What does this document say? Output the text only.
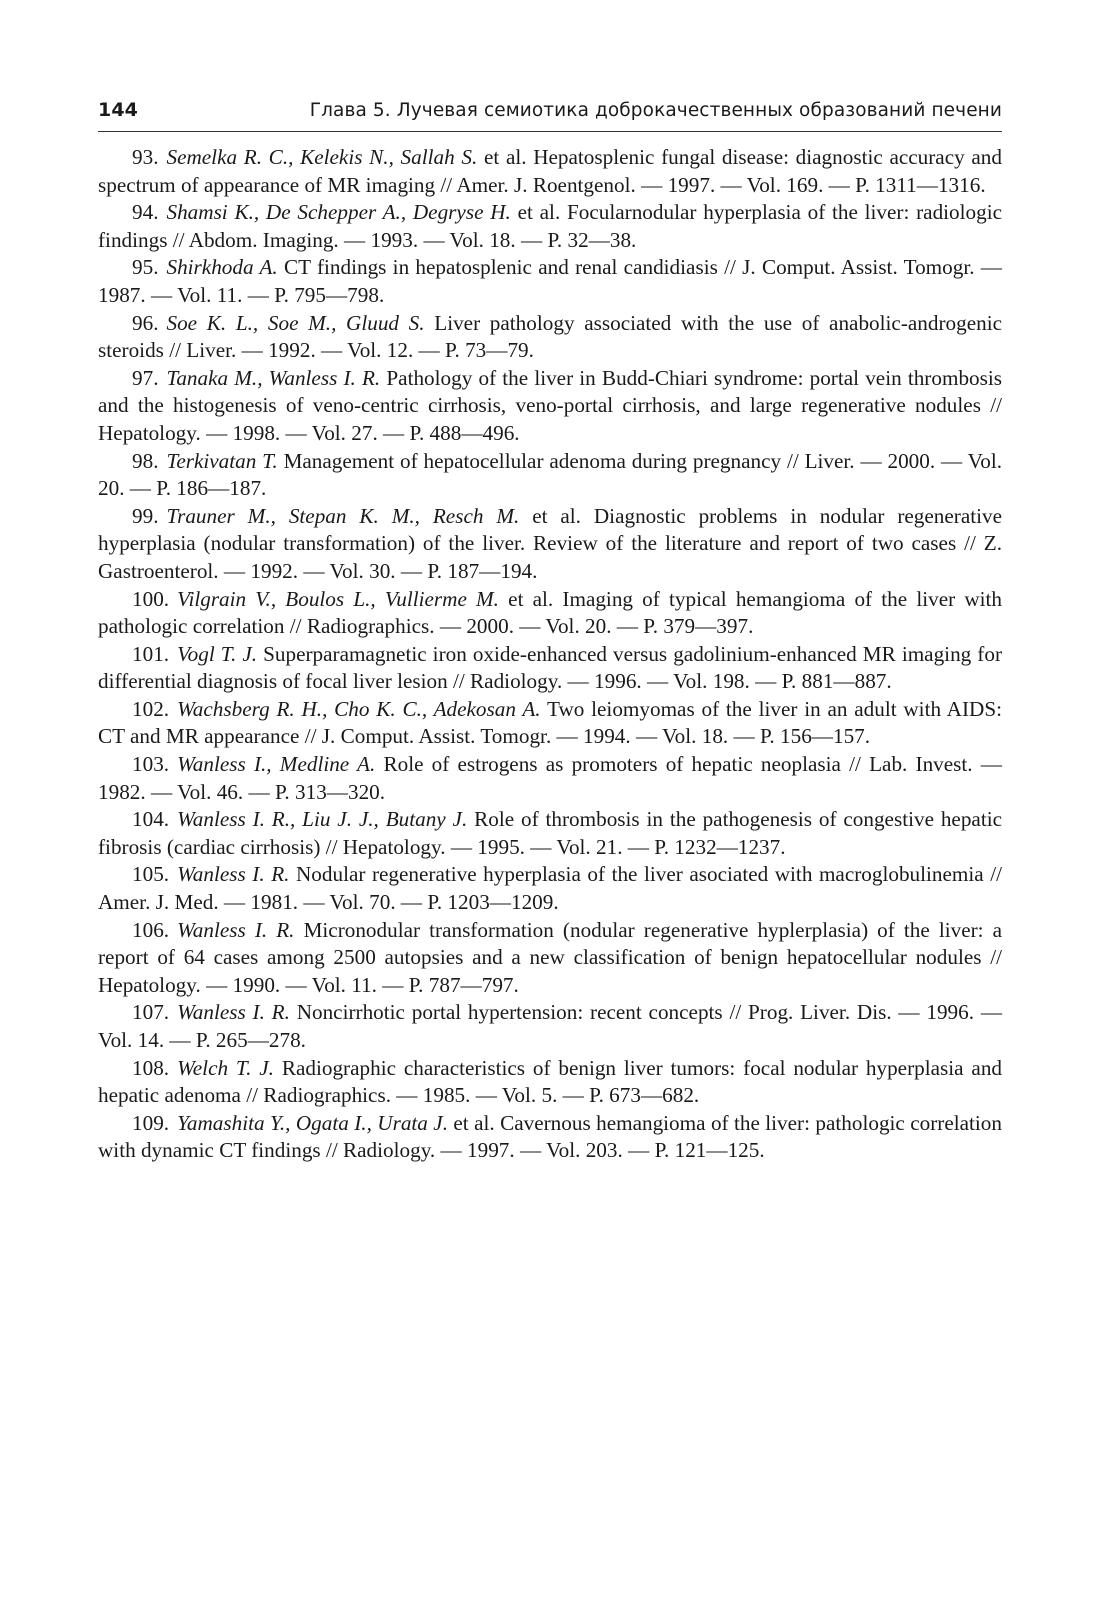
144	Глава 5. Лучевая семиотика доброкачественных образований печени

93. Semelka R. C., Kelekis N., Sallah S. et al. Hepatosplenic fungal disease: diagnostic accuracy and spectrum of appearance of MR imaging // Amer. J. Roentgenol. — 1997. — Vol. 169. — P. 1311—1316.

94. Shamsi K., De Schepper A., Degryse H. et al. Focularnodular hyperplasia of the liver: radiologic findings // Abdom. Imaging. — 1993. — Vol. 18. — P. 32—38.

95. Shirkhoda A. CT findings in hepatosplenic and renal candidiasis // J. Comput. Assist. Tomogr. — 1987. — Vol. 11. — P. 795—798.

96. Soe K. L., Soe M., Gluud S. Liver pathology associated with the use of anabolic-androgenic steroids // Liver. — 1992. — Vol. 12. — P. 73—79.

97. Tanaka M., Wanless I. R. Pathology of the liver in Budd-Chiari syndrome: portal vein thrombosis and the histogenesis of veno-centric cirrhosis, veno-portal cirrhosis, and large regenerative nodules // Hepatology. — 1998. — Vol. 27. — P. 488—496.

98. Terkivatan T. Management of hepatocellular adenoma during pregnancy // Liver. — 2000. — Vol. 20. — P. 186—187.

99. Trauner M., Stepan K. M., Resch M. et al. Diagnostic problems in nodular regenerative hyperplasia (nodular transformation) of the liver. Review of the literature and report of two cases // Z. Gastroenterol. — 1992. — Vol. 30. — P. 187—194.

100. Vilgrain V., Boulos L., Vullierme M. et al. Imaging of typical hemangioma of the liver with pathologic correlation // Radiographics. — 2000. — Vol. 20. — P. 379—397.

101. Vogl T. J. Superparamagnetic iron oxide-enhanced versus gadolinium-enhanced MR imaging for differential diagnosis of focal liver lesion // Radiology. — 1996. — Vol. 198. — P. 881—887.

102. Wachsberg R. H., Cho K. C., Adekosan A. Two leiomyomas of the liver in an adult with AIDS: CT and MR appearance // J. Comput. Assist. Tomogr. — 1994. — Vol. 18. — P. 156—157.

103. Wanless I., Medline A. Role of estrogens as promoters of hepatic neoplasia // Lab. Invest. — 1982. — Vol. 46. — P. 313—320.

104. Wanless I. R., Liu J. J., Butany J. Role of thrombosis in the pathogenesis of congestive hepatic fibrosis (cardiac cirrhosis) // Hepatology. — 1995. — Vol. 21. — P. 1232—1237.

105. Wanless I. R. Nodular regenerative hyperplasia of the liver asociated with macroglobulinemia // Amer. J. Med. — 1981. — Vol. 70. — P. 1203—1209.

106. Wanless I. R. Micronodular transformation (nodular regenerative hyplerplasia) of the liver: a report of 64 cases among 2500 autopsies and a new classification of benign hepatocellular nodules // Hepatology. — 1990. — Vol. 11. — P. 787—797.

107. Wanless I. R. Noncirrhotic portal hypertension: recent concepts // Prog. Liver. Dis. — 1996. — Vol. 14. — P. 265—278.

108. Welch T. J. Radiographic characteristics of benign liver tumors: focal nodular hyperplasia and hepatic adenoma // Radiographics. — 1985. — Vol. 5. — P. 673—682.

109. Yamashita Y., Ogata I., Urata J. et al. Cavernous hemangioma of the liver: pathologic correlation with dynamic CT findings // Radiology. — 1997. — Vol. 203. — P. 121—125.
